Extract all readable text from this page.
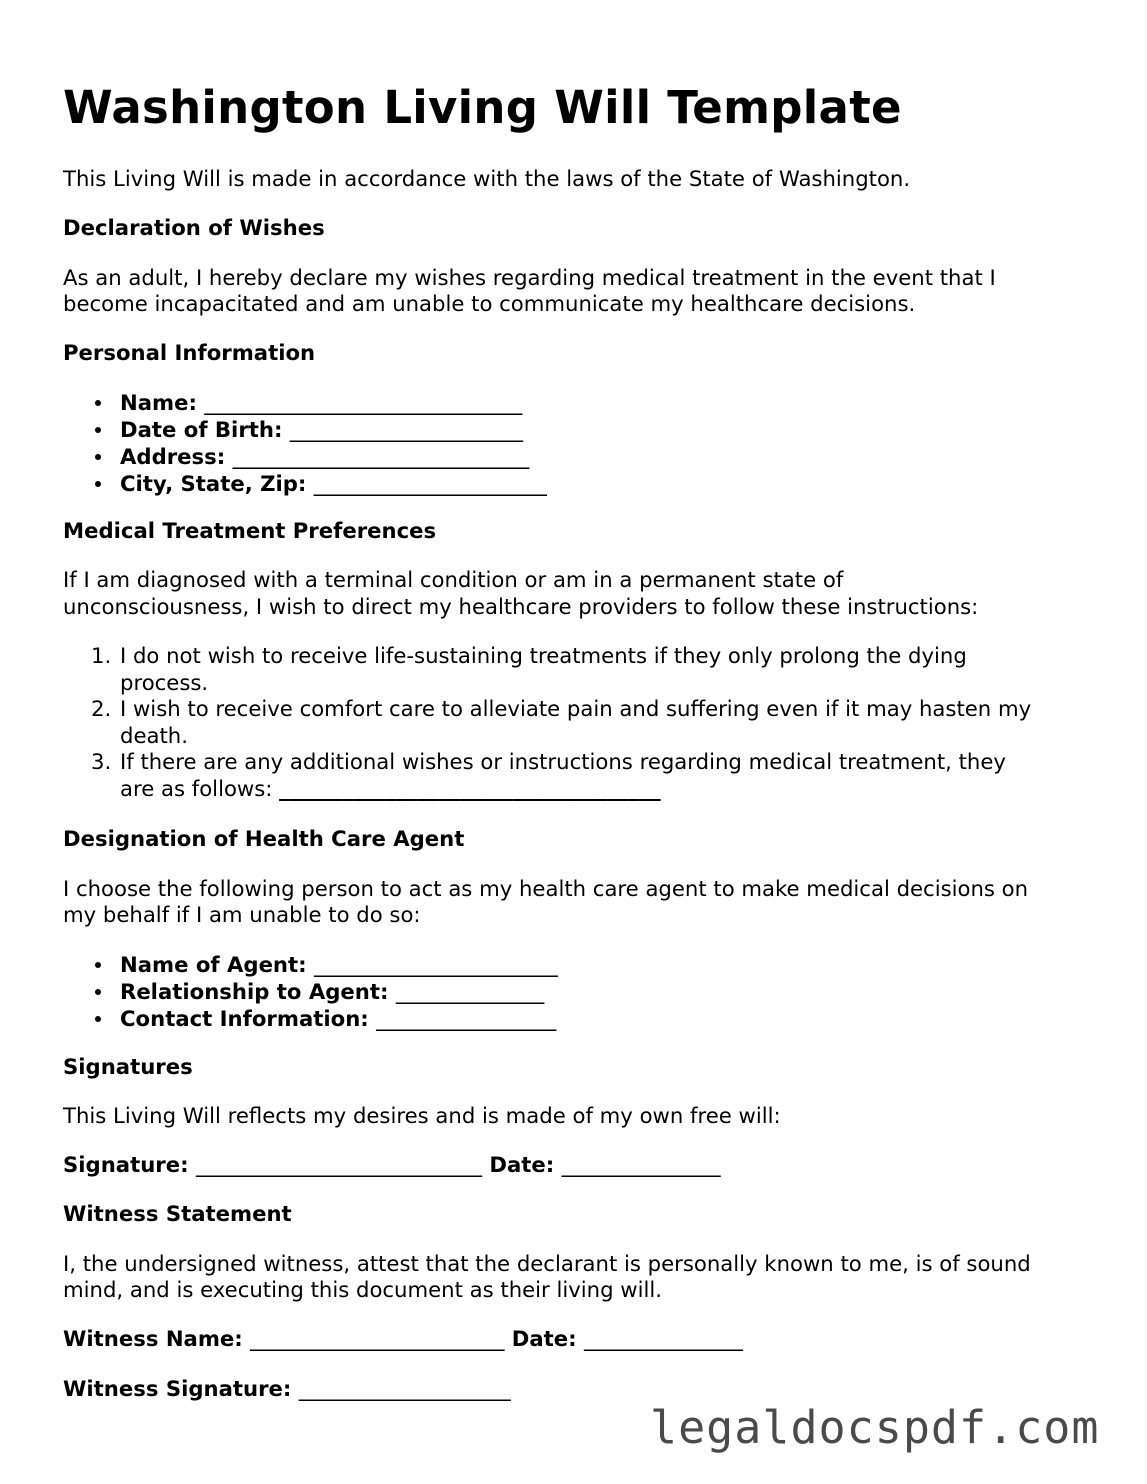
Washington Living Will Template

This Living Will is made in accordance with the laws of the State of Washington.

Declaration of Wishes

As an adult, I hereby declare my wishes regarding medical treatment in the event that I

become incapacitated and am unable to communicate my healthcare decisions.

Personal Information

Name: ______________________________
Date of Birth: ______________________
Address: ____________________________
City, State, Zip: ______________________

Medical Treatment Preferences

If I am diagnosed with a terminal condition or am in a permanent state of

unconsciousness, I wish to direct my healthcare providers to follow these instructions:

1. I do not wish to receive life-sustaining treatments if they only prolong the dying
process.
2. I wish to receive comfort care to alleviate pain and suffering even if it may hasten my
death.
3. If there are any additional wishes or instructions regarding medical treatment, they
are as follows: ____________________________________

Designation of Health Care Agent

I choose the following person to act as my health care agent to make medical decisions on

my behalf if I am unable to do so:

Name of Agent: _______________________
Relationship to Agent: ______________
Contact Information: _________________

Signatures

This Living Will reflects my desires and is made of my own free will:

Signature: ___________________________ Date: _______________

Witness Statement

I, the undersigned witness, attest that the declarant is personally known to me, is of sound

mind, and is executing this document as their living will.

Witness Name: ________________________ Date: _______________

Witness Signature: ____________________

legaldocspdf.com
